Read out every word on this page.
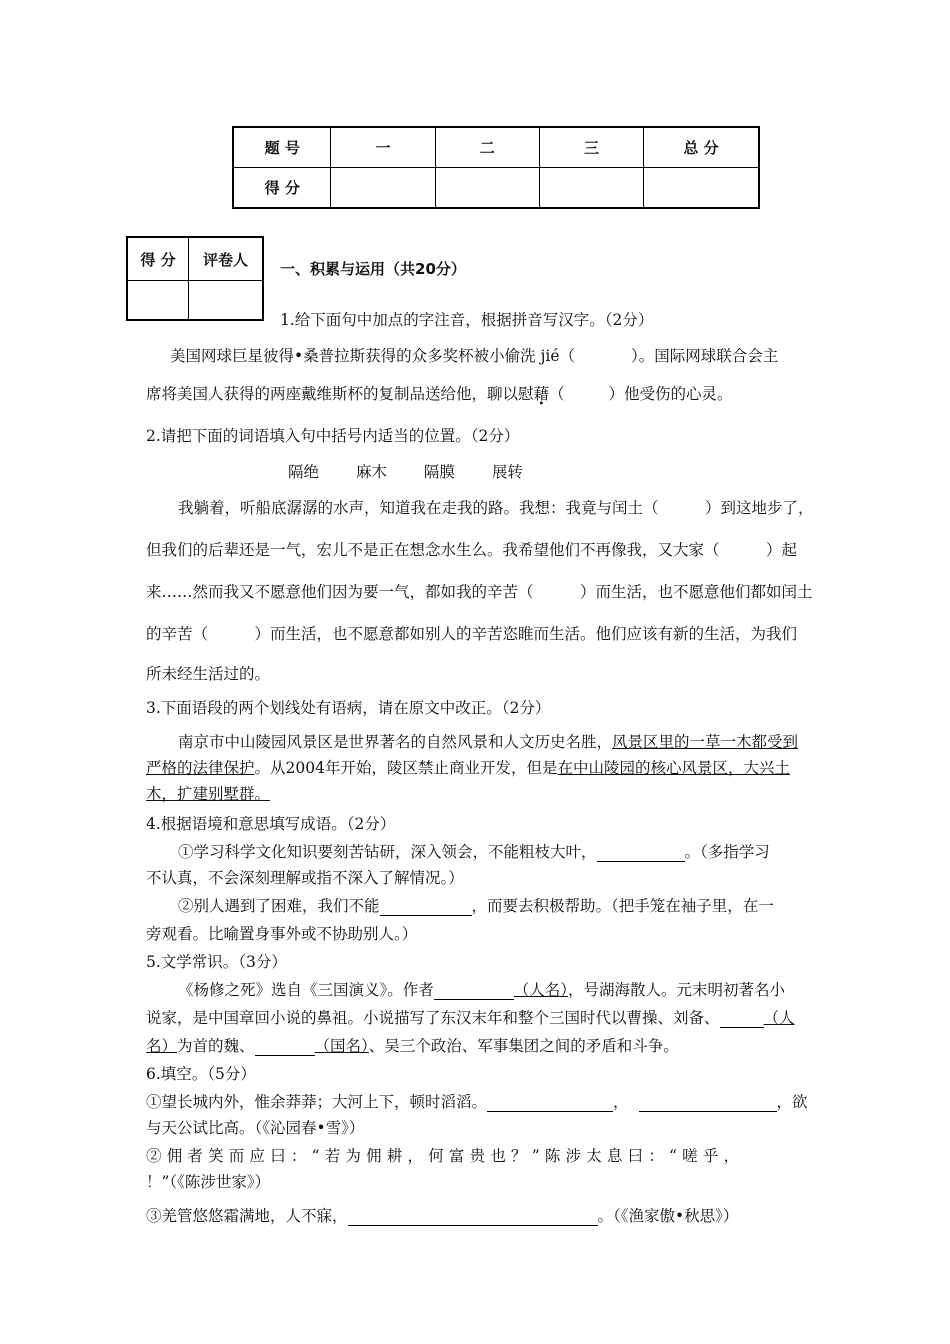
题 号	一	二	三	总 分
得 分				
得 分	评卷人

一、积累与运用（共20分）
1.给下面句中加点的字注音，根据拼音写汉字。（2分）
美国网球巨星彼得•桑普拉斯获得的众多奖杯被小偷洗 jié（	）。国际网球联合会主
席将美国人获得的两座戴维斯杯的复制品送给他，聊以慰藉（	）他受伤的心灵。
2.请把下面的词语填入句中括号内适当的位置。（2分）
隔绝 麻木 隔膜 展转
我躺着，听船底潺潺的水声，知道我在走我的路。我想：我竟与闰土（　　　）到这地步了，
但我们的后辈还是一气，宏儿不是正在想念水生么。我希望他们不再像我，又大家（　　　）起
来……然而我又不愿意他们因为要一气，都如我的辛苦（　　　）而生活，也不愿意他们都如闰土
的辛苦（　　　）而生活，也不愿意都如别人的辛苦恣睢而生活。他们应该有新的生活，为我们
所未经生活过的。
3.下面语段的两个划线处有语病，请在原文中改正。（2分）
南京市中山陵园风景区是世界著名的自然风景和人文历史名胜，风景区里的一草一木都受到
严格的法律保护。从2004年开始，陵区禁止商业开发，但是在中山陵园的核心风景区，大兴土
木，扩建别墅群。
4.根据语境和意思填写成语。（2分）
①学习科学文化知识要刻苦钻研，深入领会，不能粗枝大叶，	。（多指学习
不认真，不会深刻理解或指不深入了解情况。）
②别人遇到了困难，我们不能	，而要去积极帮助。（把手笼在袖子里，在一
旁观看。比喻置身事外或不协助别人。）
5.文学常识。（3分）
《杨修之死》选自《三国演义》。作者	（人名），号湖海散人。元末明初著名小
说家，是中国章回小说的鼻祖。小说描写了东汉末年和整个三国时代以曹操、刘备、	（人
名）为首的魏、	（国名）、吴三个政治、军事集团之间的矛盾和斗争。
6.填空。（5分）
①望长城内外，惟余莽莽；大河上下，顿时滔滔。	，	，欲
与天公试比高。（《沁园春•雪》）
②佣者笑而应曰：“若为佣耕，何富贵也？”陈涉太息曰：“嗟乎，
！”（《陈涉世家》）
③羌管悠悠霜满地，人不寐，	。（《渔家傲•秋思》）
